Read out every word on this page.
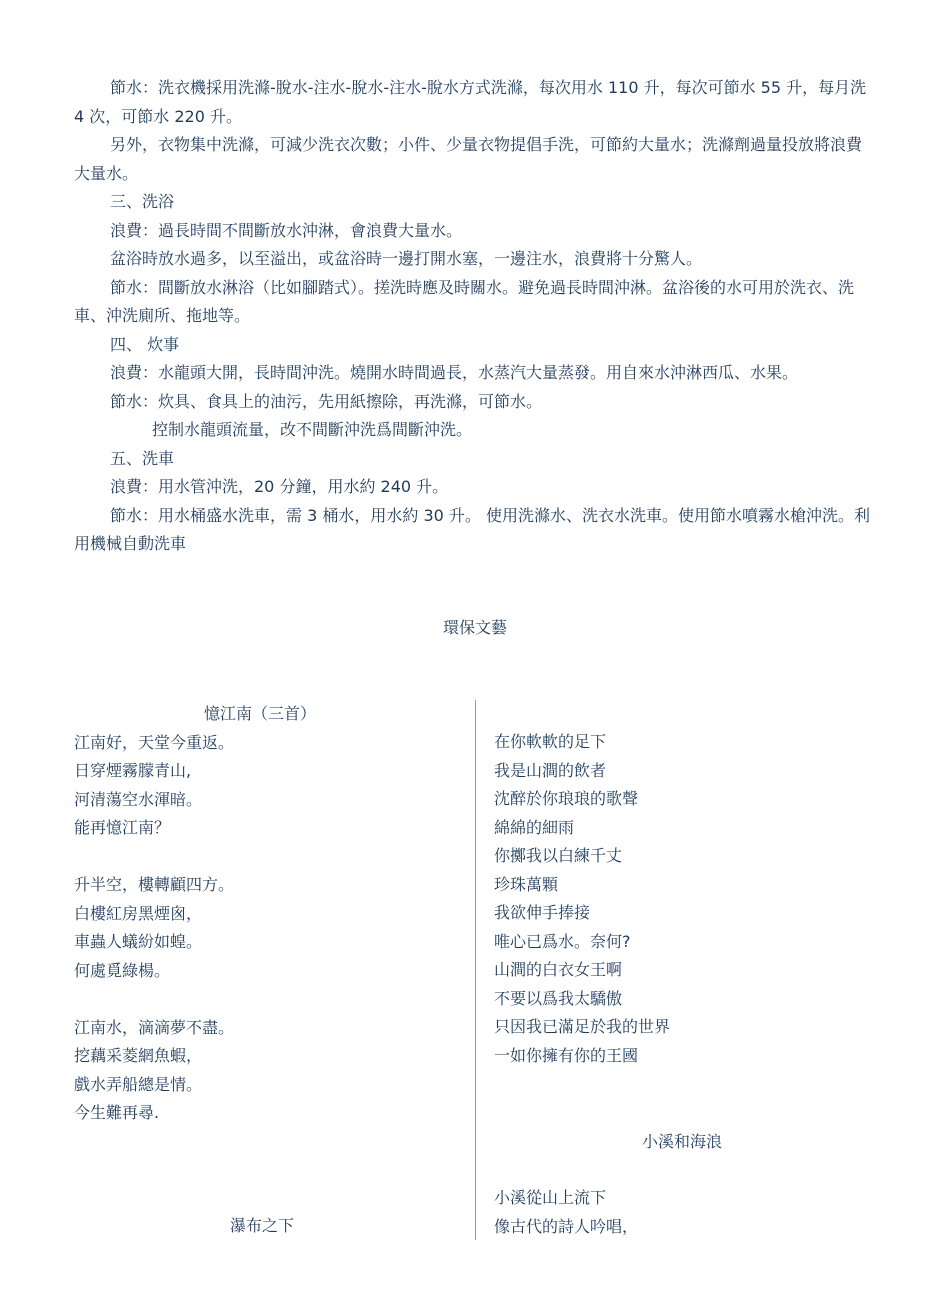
節水：洗衣機採用洗滌-脫水-注水-脫水-注水-脫水方式洗滌，每次用水 110 升，每次可節水 55 升，每月洗 4 次，可節水 220 升。

另外，衣物集中洗滌，可減少洗衣次數；小件、少量衣物提倡手洗，可節約大量水；洗滌劑過量投放將浪費大量水。

三、洗浴

浪費：過長時間不間斷放水沖淋，會浪費大量水。

盆浴時放水過多，以至溢出，或盆浴時一邊打開水塞，一邊注水，浪費將十分驚人。

節水：間斷放水淋浴（比如腳踏式）。搓洗時應及時關水。避免過長時間沖淋。盆浴後的水可用於洗衣、洗車、沖洗廁所、拖地等。

四、 炊事

浪費：水龍頭大開，長時間沖洗。燒開水時間過長，水蒸汽大量蒸發。用自來水沖淋西瓜、水果。

節水：炊具、食具上的油污，先用紙擦除，再洗滌，可節水。

控制水龍頭流量，改不間斷沖洗爲間斷沖洗。

五、洗車

浪費：用水管沖洗，20 分鐘，用水約 240 升。

節水：用水桶盛水洗車，需 3 桶水，用水約 30 升。 使用洗滌水、洗衣水洗車。使用節水噴霧水槍沖洗。利用機械自動洗車

環保文藝

憶江南（三首）

江南好，天堂今重返。

日穿煙霧朦青山,

河清蕩空水渾暗。

能再憶江南？

升半空，樓轉顧四方。

白樓紅房黑煙囪，

車蟲人蟻紛如蝗。

何處覓綠楊。

江南水，滴滴夢不盡。

挖藕采菱網魚蝦，

戲水弄船總是情。

今生難再尋.

瀑布之下

在你軟軟的足下

我是山澗的飲者

沈醉於你琅琅的歌聲

綿綿的細雨

你擲我以白練千丈

珍珠萬顆

我欲伸手捧接

唯心已爲水。奈何?

山澗的白衣女王啊

不要以爲我太驕傲

只因我已滿足於我的世界

一如你擁有你的王國

小溪和海浪

小溪從山上流下

像古代的詩人吟唱，
